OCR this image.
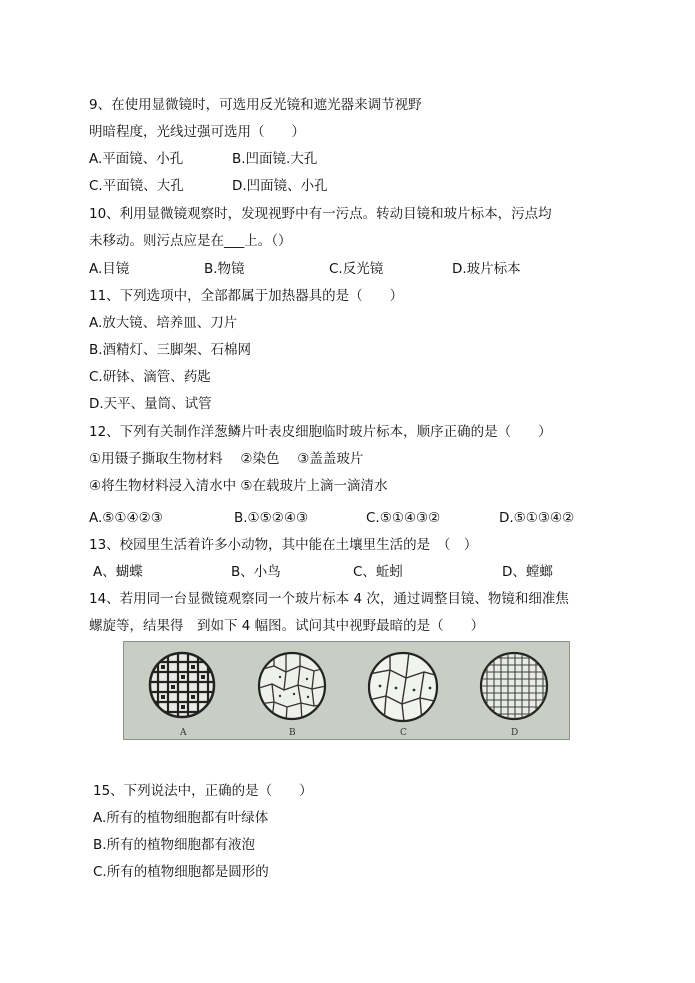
9、在使用显微镜时，可选用反光镜和遮光器来调节视野
明暗程度，光线过强可选用（　　）
A.平面镜、小孔	B.凹面镜.大孔
C.平面镜、大孔	D.凹面镜、小孔
10、利用显微镜观察时，发现视野中有一污点。转动目镜和玻片标本，污点均
未移动。则污点应是在___上。（）
A.目镜	B.物镜	C.反光镜	D.玻片标本
11、下列选项中，全部都属于加热器具的是（　　）
A.放大镜、培养皿、刀片
B.酒精灯、三脚架、石棉网
C.研钵、滴管、药匙
D.天平、量筒、试管
12、下列有关制作洋葱鳞片叶表皮细胞临时玻片标本，顺序正确的是（　　）
①用镊子撕取生物材料　 ②染色　 ③盖盖玻片
④将生物材料浸入清水中 ⑤在载玻片上滴一滴清水
A.⑤①④②③	B.①⑤②④③	C.⑤①④③②	D.⑤①③④②
13、校园里生活着许多小动物，其中能在土壤里生活的是　（　）
A、蝴蝶	B、小鸟	C、蚯蚓	D、螳螂
14、若用同一台显微镜观察同一个玻片标本 4 次，通过调整目镜、物镜和细准焦
螺旋等，结果得　到如下 4 幅图。试问其中视野最暗的是（　　）
A	B	C	D
15、下列说法中，正确的是（　　）
A.所有的植物细胞都有叶绿体
B.所有的植物细胞都有液泡
C.所有的植物细胞都是圆形的
